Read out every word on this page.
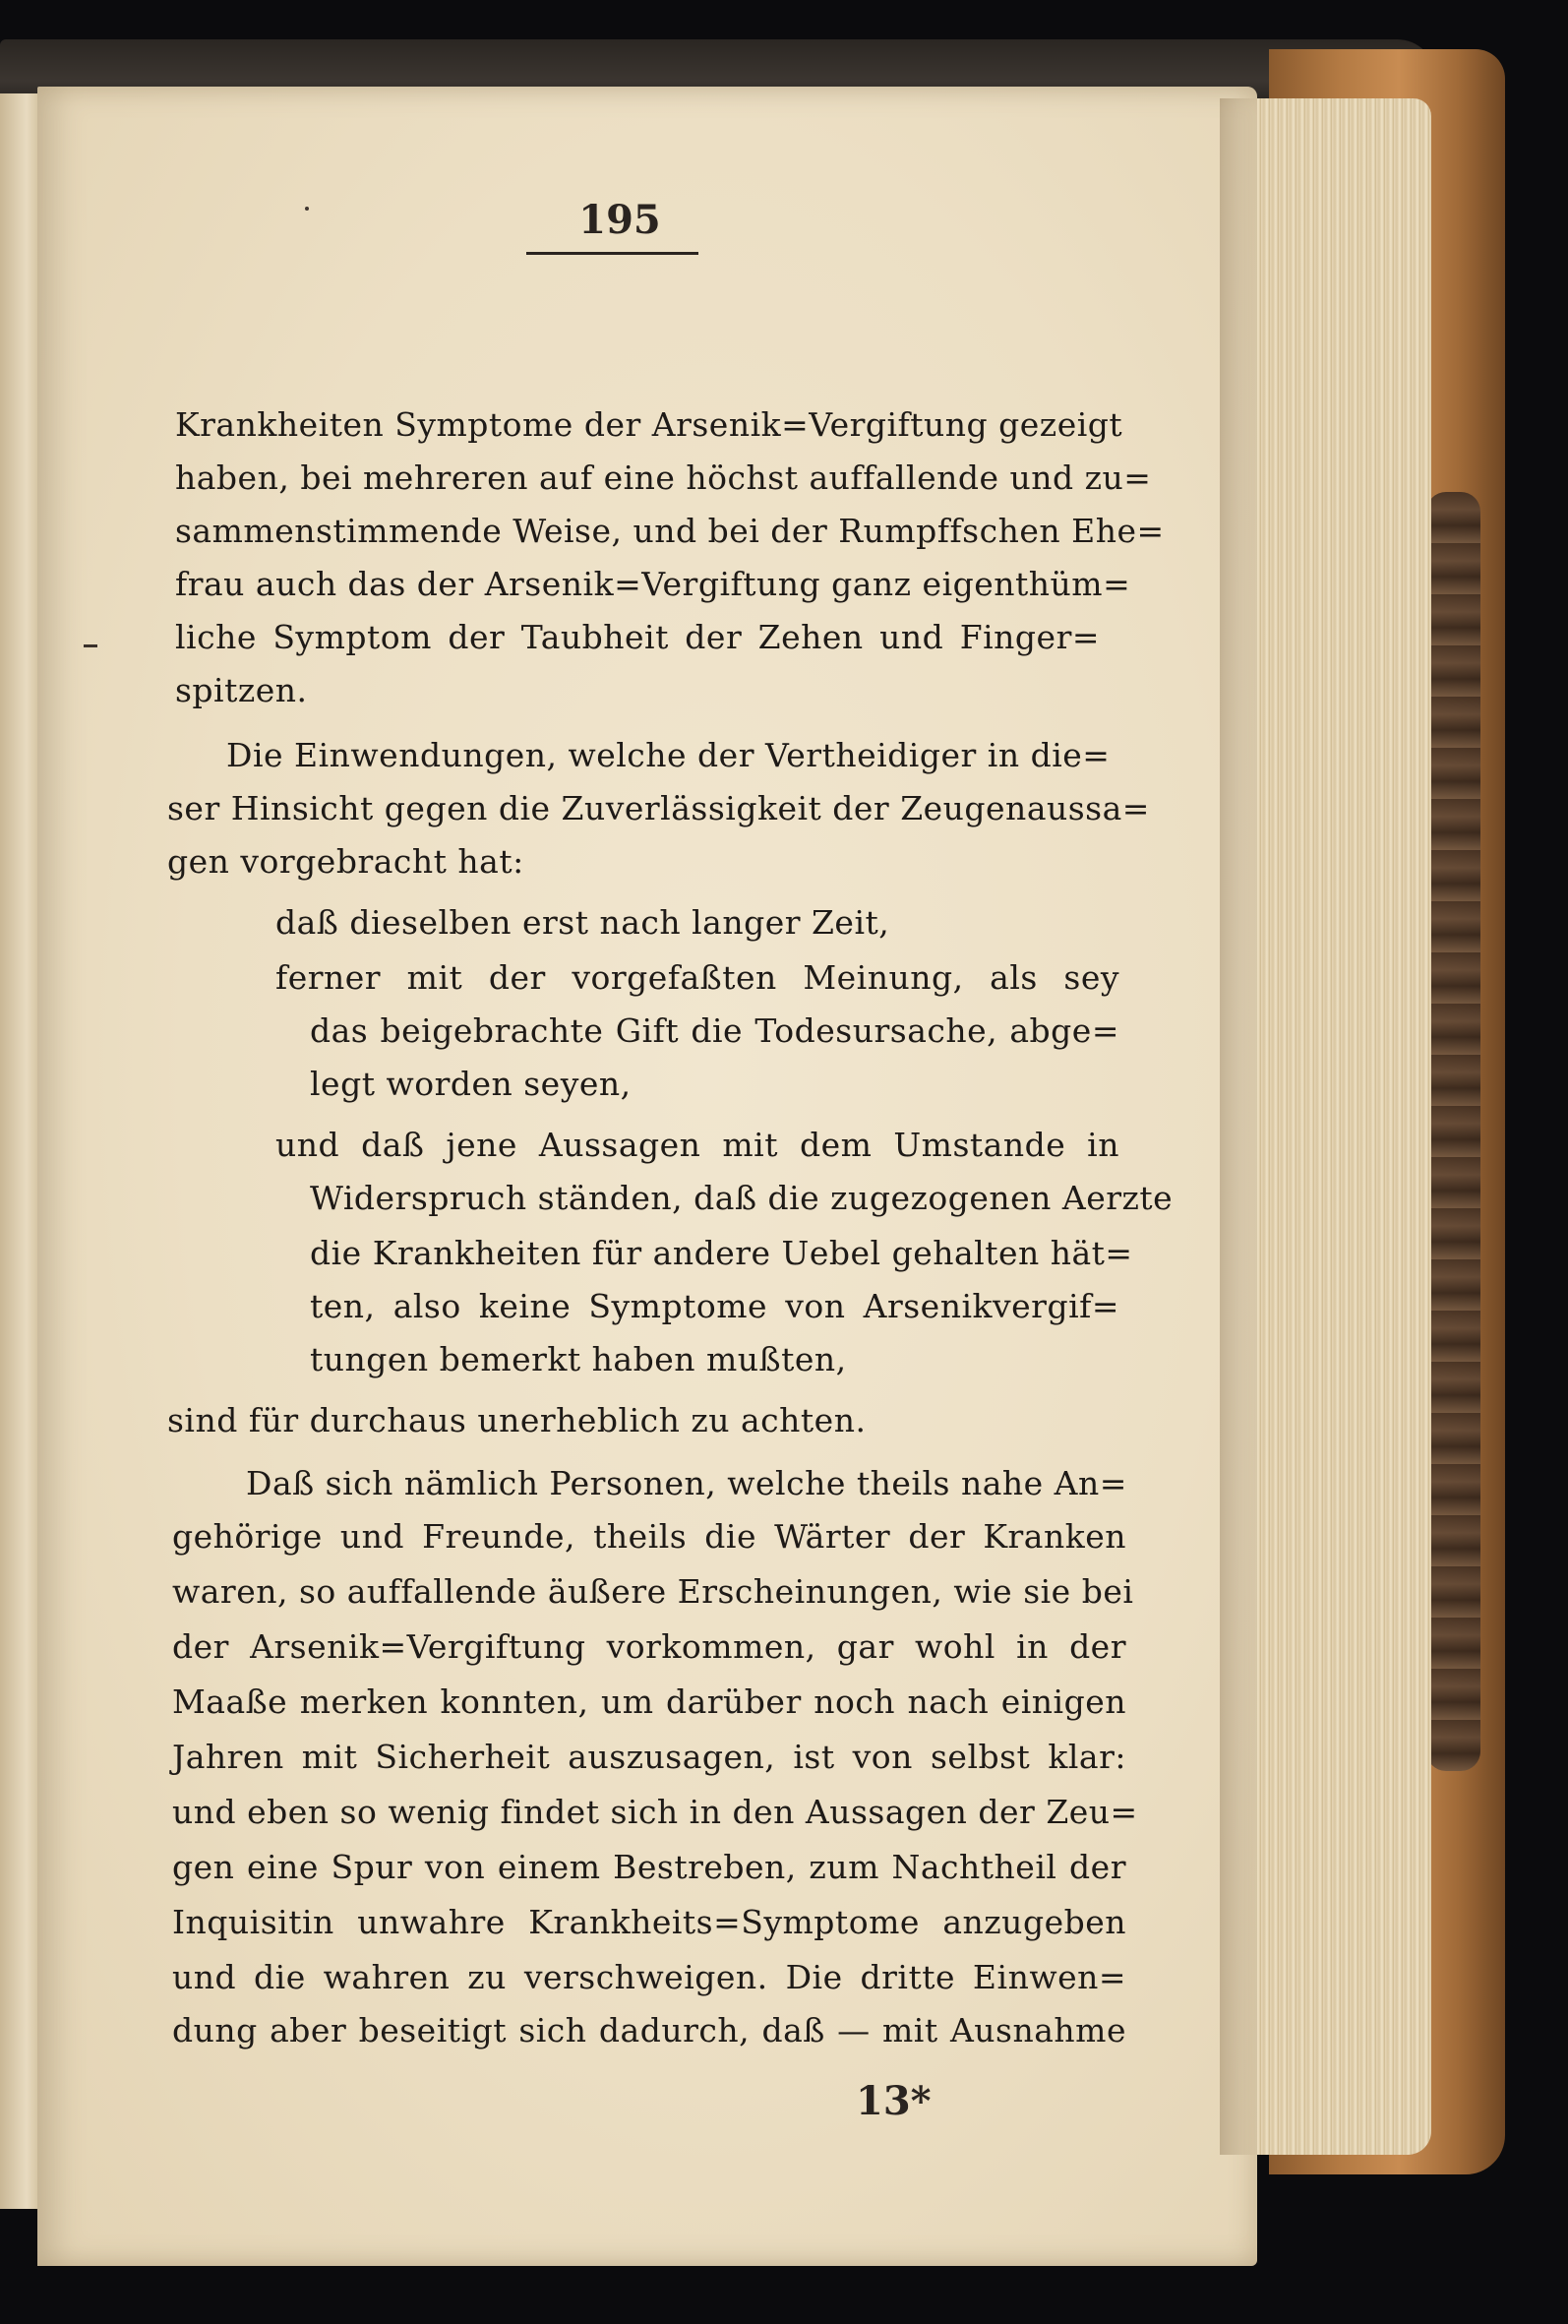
195
Krankheiten Symptome der Arsenik=Vergiftung gezeigt
haben, bei mehreren auf eine höchst auffallende und zu=
sammenstimmende Weise, und bei der Rumpffschen Ehe=
frau auch das der Arsenik=Vergiftung ganz eigenthüm=
liche Symptom der Taubheit der Zehen und Finger=
spitzen.
Die Einwendungen, welche der Vertheidiger in die=
ser Hinsicht gegen die Zuverlässigkeit der Zeugenaussa=
gen vorgebracht hat:
daß dieselben erst nach langer Zeit,
ferner mit der vorgefaßten Meinung, als sey
das beigebrachte Gift die Todesursache, abge=
legt worden seyen,
und daß jene Aussagen mit dem Umstande in
Widerspruch ständen, daß die zugezogenen Aerzte
die Krankheiten für andere Uebel gehalten hät=
ten, also keine Symptome von Arsenikvergif=
tungen bemerkt haben mußten,
sind für durchaus unerheblich zu achten.
Daß sich nämlich Personen, welche theils nahe An=
gehörige und Freunde, theils die Wärter der Kranken
waren, so auffallende äußere Erscheinungen, wie sie bei
der Arsenik=Vergiftung vorkommen, gar wohl in der
Maaße merken konnten, um darüber noch nach einigen
Jahren mit Sicherheit auszusagen, ist von selbst klar:
und eben so wenig findet sich in den Aussagen der Zeu=
gen eine Spur von einem Bestreben, zum Nachtheil der
Inquisitin unwahre Krankheits=Symptome anzugeben
und die wahren zu verschweigen. Die dritte Einwen=
dung aber beseitigt sich dadurch, daß — mit Ausnahme
13*
